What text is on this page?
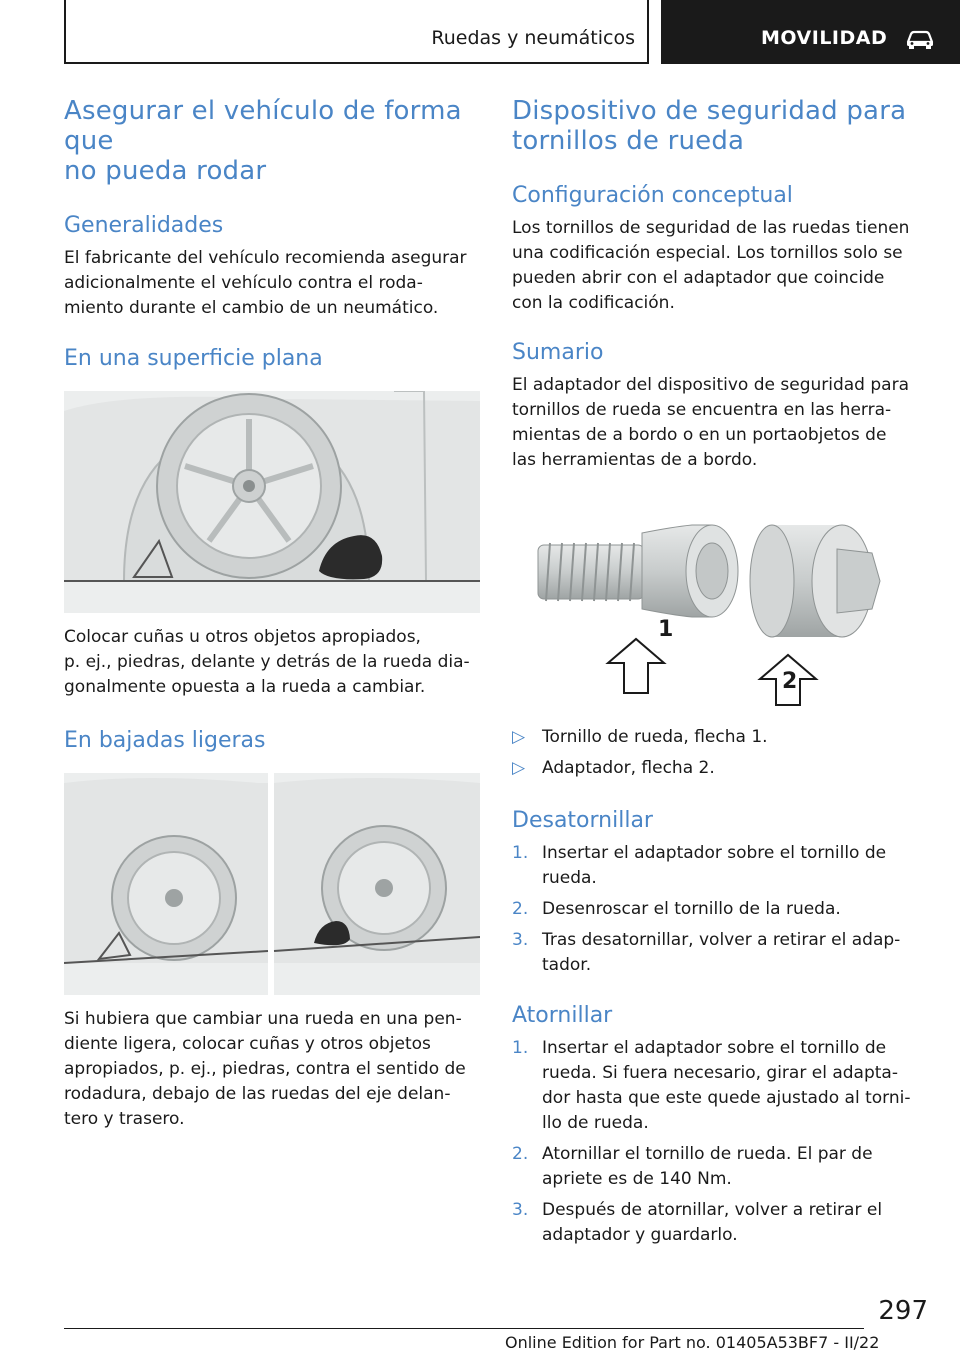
Ruedas y neumáticos	MOVILIDAD
Asegurar el vehículo de forma que
no pueda rodar
Generalidades

El fabricante del vehículo recomienda asegurar
adicionalmente el vehículo contra el roda‐
miento durante el cambio de un neumático.

En una superficie plana

Colocar cuñas u otros objetos apropiados,
p. ej., piedras, delante y detrás de la rueda dia‐
gonalmente opuesta a la rueda a cambiar.

En bajadas ligeras

Si hubiera que cambiar una rueda en una pen‐
diente ligera, colocar cuñas y otros objetos
apropiados, p. ej., piedras, contra el sentido de
rodadura, debajo de las ruedas del eje delan‐
tero y trasero.

Dispositivo de seguridad para
tornillos de rueda
Configuración conceptual

Los tornillos de seguridad de las ruedas tienen
una codificación especial. Los tornillos solo se
pueden abrir con el adaptador que coincide
con la codificación.

Sumario

El adaptador del dispositivo de seguridad para
tornillos de rueda se encuentra en las herra‐
mientas de a bordo o en un portaobjetos de
las herramientas de a bordo.

1
2
▷ Tornillo de rueda, flecha 1.
▷ Adaptador, flecha 2.
Desatornillar
1. Insertar el adaptador sobre el tornillo de
rueda.
2. Desenroscar el tornillo de la rueda.
3. Tras desatornillar, volver a retirar el adap‐
tador.
Atornillar
1. Insertar el adaptador sobre el tornillo de
rueda. Si fuera necesario, girar el adapta‐
dor hasta que este quede ajustado al torni‐
llo de rueda.
2. Atornillar el tornillo de rueda. El par de
apriete es de 140 Nm.
3. Después de atornillar, volver a retirar el
adaptador y guardarlo.
297
Online Edition for Part no. 01405A53BF7 - II/22
